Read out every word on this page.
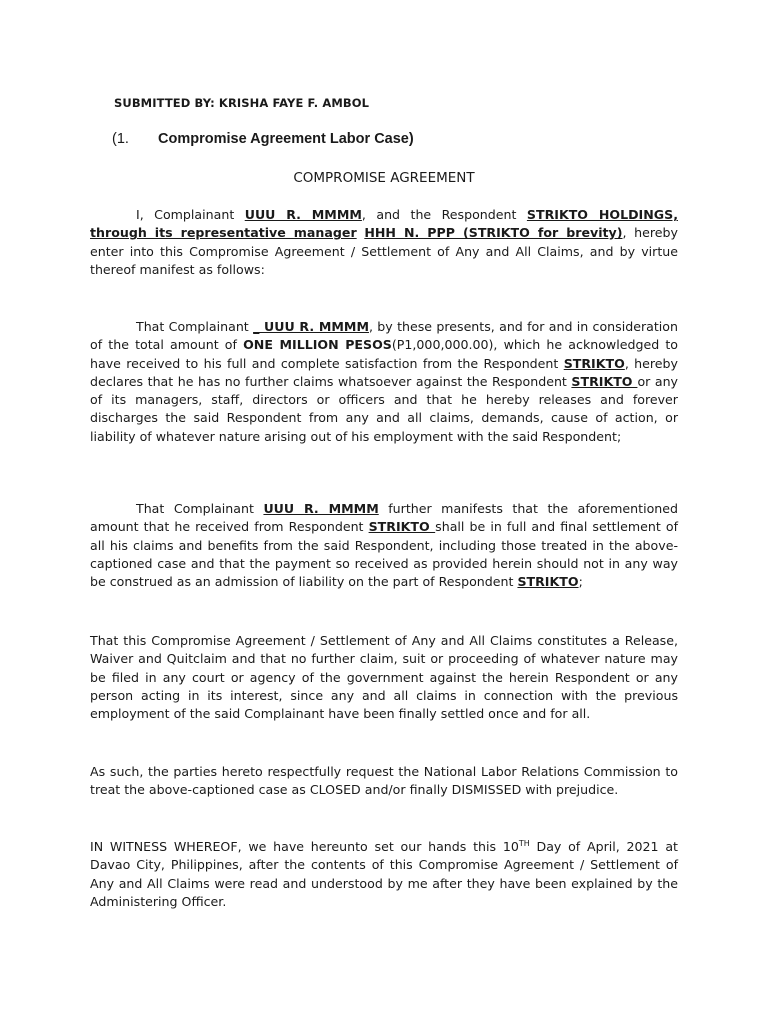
SUBMITTED BY: KRISHA FAYE F. AMBOL
(1. Compromise Agreement Labor Case)
COMPROMISE AGREEMENT

I, Complainant UUU R. MMMM, and the Respondent STRIKTO HOLDINGS, through its representative manager HHH N. PPP (STRIKTO for brevity), hereby enter into this Compromise Agreement / Settlement of Any and All Claims, and by virtue thereof manifest as follows:

That Complainant _ UUU R. MMMM, by these presents, and for and in consideration of the total amount of ONE MILLION PESOS(P1,000,000.00), which he acknowledged to have received to his full and complete satisfaction from the Respondent STRIKTO, hereby declares that he has no further claims whatsoever against the Respondent STRIKTO or any of its managers, staff, directors or officers and that he hereby releases and forever discharges the said Respondent from any and all claims, demands, cause of action, or liability of whatever nature arising out of his employment with the said Respondent;

That Complainant UUU R. MMMM further manifests that the aforementioned amount that he received from Respondent STRIKTO shall be in full and final settlement of all his claims and benefits from the said Respondent, including those treated in the above-captioned case and that the payment so received as provided herein should not in any way be construed as an admission of liability on the part of Respondent STRIKTO;

That this Compromise Agreement / Settlement of Any and All Claims constitutes a Release, Waiver and Quitclaim and that no further claim, suit or proceeding of whatever nature may be filed in any court or agency of the government against the herein Respondent or any person acting in its interest, since any and all claims in connection with the previous employment of the said Complainant have been finally settled once and for all.

As such, the parties hereto respectfully request the National Labor Relations Commission to treat the above-captioned case as CLOSED and/or finally DISMISSED with prejudice.

IN WITNESS WHEREOF, we have hereunto set our hands this 10TH Day of April, 2021 at Davao City, Philippines, after the contents of this Compromise Agreement / Settlement of Any and All Claims were read and understood by me after they have been explained by the Administering Officer.
